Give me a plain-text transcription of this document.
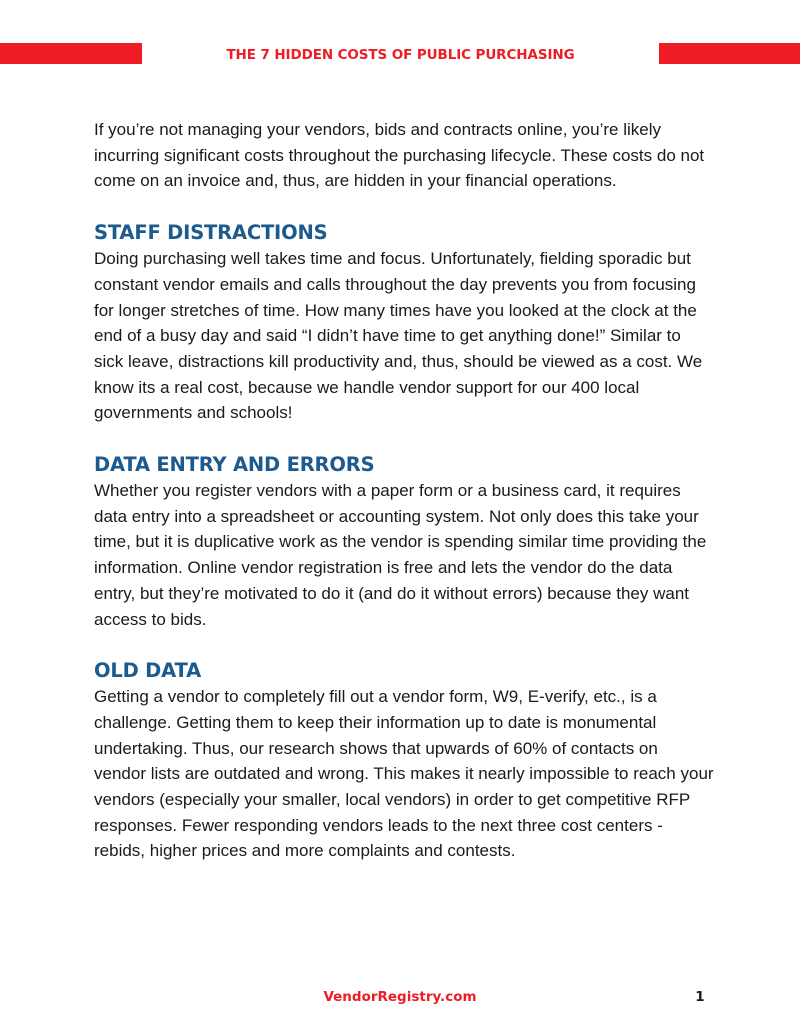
THE 7 HIDDEN COSTS OF PUBLIC PURCHASING

If you’re not managing your vendors, bids and contracts online, you’re likely incurring significant costs throughout the purchasing lifecycle. These costs do not come on an invoice and, thus, are hidden in your financial operations.

STAFF DISTRACTIONS

Doing purchasing well takes time and focus. Unfortunately, fielding sporadic but constant vendor emails and calls throughout the day prevents you from focusing for longer stretches of time. How many times have you looked at the clock at the end of a busy day and said “I didn’t have time to get anything done!” Similar to sick leave, distractions kill productivity and, thus, should be viewed as a cost. We know its a real cost, because we handle vendor support for our 400 local governments and schools!

DATA ENTRY AND ERRORS

Whether you register vendors with a paper form or a business card, it requires data entry into a spreadsheet or accounting system. Not only does this take your time, but it is duplicative work as the vendor is spending similar time providing the information. Online vendor registration is free and lets the vendor do the data entry, but they’re motivated to do it (and do it without errors) because they want access to bids.

OLD DATA

Getting a vendor to completely fill out a vendor form, W9, E-verify, etc., is a challenge. Getting them to keep their information up to date is monumental undertaking. Thus, our research shows that upwards of 60% of contacts on vendor lists are outdated and wrong. This makes it nearly impossible to reach your vendors (especially your smaller, local vendors) in order to get competitive RFP responses. Fewer responding vendors leads to the next three cost centers - rebids, higher prices and more complaints and contests.

VendorRegistry.com	1
